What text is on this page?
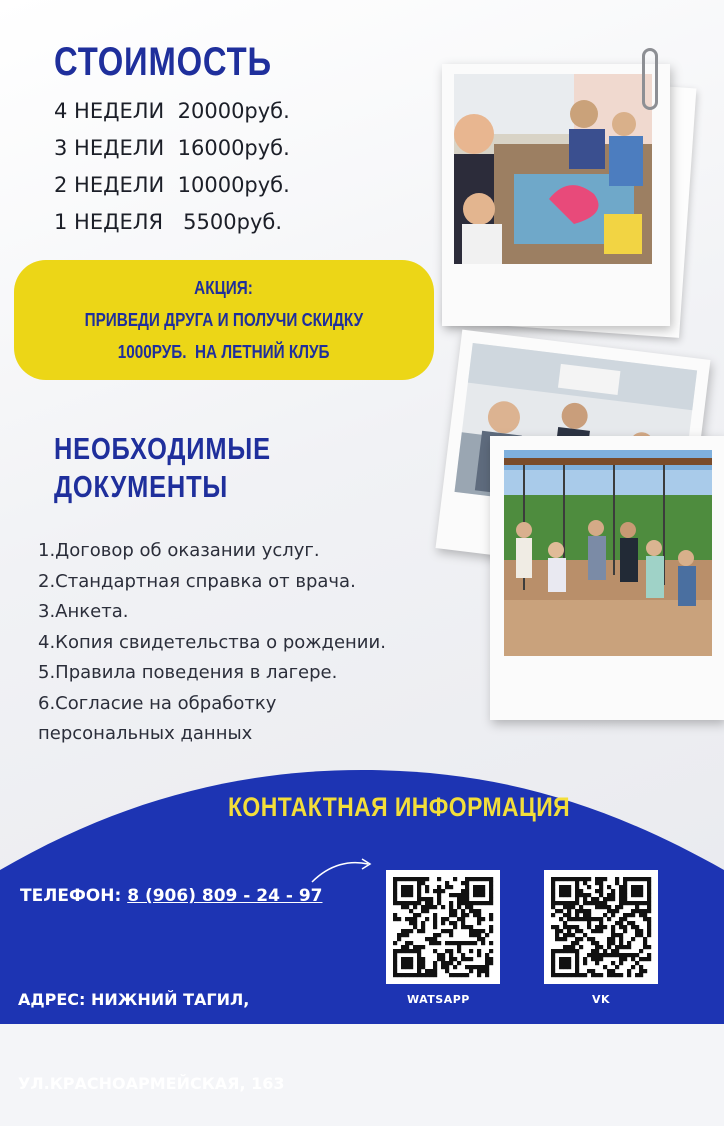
СТОИМОСТЬ
4 НЕДЕЛИ  20000руб.
3 НЕДЕЛИ  16000руб.
2 НЕДЕЛИ  10000руб.
1 НЕДЕЛЯ   5500руб.
АКЦИЯ:
ПРИВЕДИ ДРУГА И ПОЛУЧИ СКИДКУ
1000РУБ.  НА ЛЕТНИЙ КЛУБ
НЕОБХОДИМЫЕ
ДОКУМЕНТЫ
1.Договор об оказании услуг.
2.Стандартная справка от врача.
3.Анкета.
4.Копия свидетельства о рождении.
5.Правила поведения в лагере.
6.Согласие на обработку
персональных данных
КОНТАКТНАЯ ИНФОРМАЦИЯ
ТЕЛЕФОН: 8 (906) 809 - 24 - 97

АДРЕС: НИЖНИЙ ТАГИЛ,

УЛ.КРАСНОАРМЕЙСКАЯ, 163

WATSAPP	VK
